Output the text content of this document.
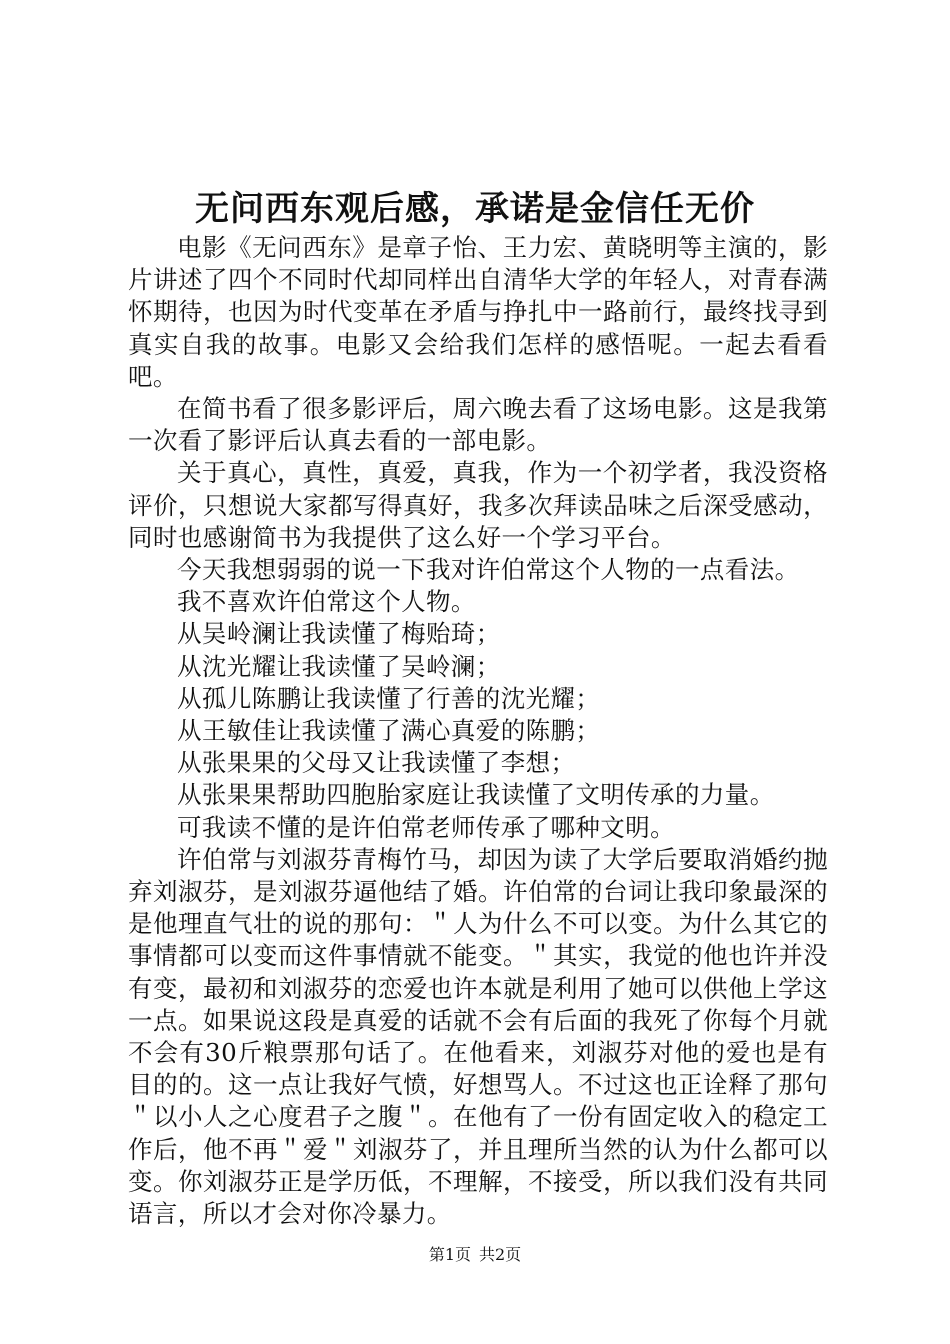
无问西东观后感，承诺是金信任无价

电影《无问西东》是章子怡、王力宏、黄晓明等主演的，影片讲述了四个不同时代却同样出自清华大学的年轻人，对青春满怀期待，也因为时代变革在矛盾与挣扎中一路前行，最终找寻到真实自我的故事。电影又会给我们怎样的感悟呢。一起去看看吧。

在简书看了很多影评后，周六晚去看了这场电影。这是我第一次看了影评后认真去看的一部电影。

关于真心，真性，真爱，真我，作为一个初学者，我没资格评价，只想说大家都写得真好，我多次拜读品味之后深受感动，同时也感谢简书为我提供了这么好一个学习平台。

今天我想弱弱的说一下我对许伯常这个人物的一点看法。

我不喜欢许伯常这个人物。

从吴岭澜让我读懂了梅贻琦；

从沈光耀让我读懂了吴岭澜；

从孤儿陈鹏让我读懂了行善的沈光耀；

从王敏佳让我读懂了满心真爱的陈鹏；

从张果果的父母又让我读懂了李想；

从张果果帮助四胞胎家庭让我读懂了文明传承的力量。

可我读不懂的是许伯常老师传承了哪种文明。

许伯常与刘淑芬青梅竹马，却因为读了大学后要取消婚约抛弃刘淑芬，是刘淑芬逼他结了婚。许伯常的台词让我印象最深的是他理直气壮的说的那句：＂人为什么不可以变。为什么其它的事情都可以变而这件事情就不能变。＂其实，我觉的他也许并没有变，最初和刘淑芬的恋爱也许本就是利用了她可以供他上学这一点。如果说这段是真爱的话就不会有后面的我死了你每个月就不会有30斤粮票那句话了。在他看来，刘淑芬对他的爱也是有目的的。这一点让我好气愤，好想骂人。不过这也正诠释了那句＂以小人之心度君子之腹＂。在他有了一份有固定收入的稳定工作后，他不再＂爱＂刘淑芬了，并且理所当然的认为什么都可以变。你刘淑芬正是学历低，不理解，不接受，所以我们没有共同语言，所以才会对你冷暴力。

第1页 共2页
